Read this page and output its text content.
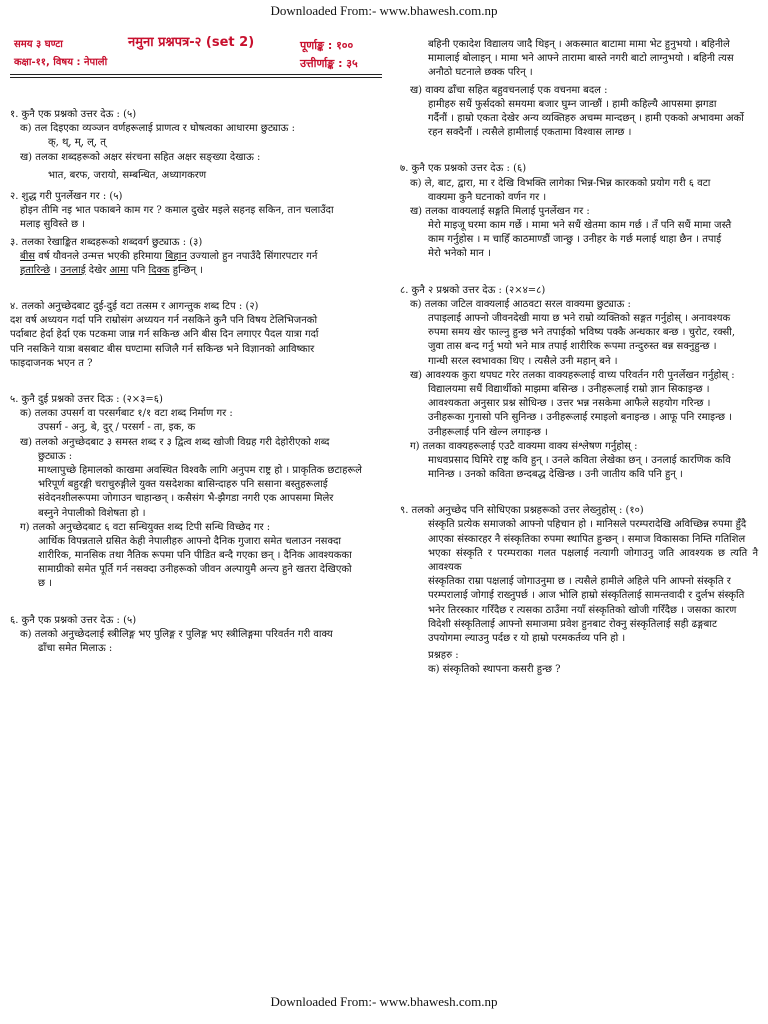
Downloaded From:- www.bhawesh.com.np
समय ३ घण्टा	नमुना प्रश्नपत्र-२ (set 2)	पूर्णाङ्क : १००
कक्षा-११, विषय : नेपाली	उत्तीर्णाङ्क : ३५

१. कुनै एक प्रश्नको उत्तर देऊ : (५)

क) तल दिइएका व्यञ्जन वर्णहरूलाई प्राणत्व र घोषत्वका आधारमा छुट्याऊ :

क्, थ्, म्, ल्, त्

ख) तलका शब्दहरूको अक्षर संरचना सहित अक्षर सङ्ख्या देखाऊ :

भात, बरफ, जरायो, सम्बन्धित, अध्यागकरण

२. शुद्ध गरी पुनर्लेखन गर : (५)

होइन तीमि नइ भात पकाबने काम गर ? कमाल दुखेर मइले सहनइ सकिन, तान चलाउँदा

मलाइ सुविस्ते छ ।

३. तलका रेखाङ्कित शब्दहरूको शब्दवर्ग छुट्याऊ : (३)

बीस वर्ष यौवनले उन्मत्त भएकी हरिमाया बिहान उज्यालो हुन नपाउँदै सिंगारपटार गर्न

हतारिन्छे । उनलाई देखेर आमा पनि दिक्क हुन्छिन् ।

४. तलको अनुच्छेदबाट दुई-दुई वटा तत्सम र आगन्तुक शब्द टिप : (२)

दश वर्ष अध्ययन गर्दा पनि राम्रोसंग अध्ययन गर्न नसकिने कुनै पनि विषय टेलिभिजनको

पर्दाबाट हेर्दा हेर्दा एक पटकमा जान्न गर्न सकिन्छ अनि बीस दिन लगाएर पैदल यात्रा गर्दा

पनि नसकिने यात्रा बसबाट बीस घण्टामा सजिलै गर्न सकिन्छ भने विज्ञानको आविष्कार

फाइदाजनक भएन त ?

५. कुनै दुई प्रश्नको उत्तर दिऊ : (२×३=६)

क) तलका उपसर्ग वा परसर्गबाट १/१ वटा शब्द निर्माण गर :

उपसर्ग - अनु, बे, दुर् / परसर्ग - ता, इक, क

ख) तलको अनुच्छेदबाट ३ समस्त शब्द र ३ द्वित्व शब्द खोजी विग्रह गरी देहोरीएको शब्द

छुट्याऊ :

माथ्लापुच्छे हिमालको काखमा अवस्थित विश्वकै लागि अनुपम राष्ट्र हो । प्राकृतिक छटाहरूले

भरिपूर्ण बहुरङ्गी चराचुरुङ्गीले युक्त यसदेशका बासिन्दाहरु पनि ससाना बस्तुहरूलाई

संवेदनशीलरूपमा जोगाउन चाहान्छन् । कसैसंग भै-झैगडा नगरी एक आपसमा मिलेर

बस्नुने नेपालीको विशेषता हो ।

ग) तलको अनुच्छेदबाट ६ वटा सन्धियुक्त शब्द टिपी सन्धि विच्छेद गर :

आर्थिक विपन्नताले ग्रसित केही नेपालीहरु आफ्नो दैनिक गुजारा समेत चलाउन नसक्दा

शारीरिक, मानसिक तथा नैतिक रूपमा पनि पीडित बन्दै गएका छन् । दैनिक आवश्यकका

सामाग्रीको समेत पूर्ति गर्न नसक्दा उनीहरूको जीवन अल्पायुमै अन्त्य हुने खतरा देखिएको

छ ।

६. कुनै एक प्रश्नको उत्तर देऊ : (५)

क) तलको अनुच्छेदलाई स्त्रीलिङ्ग भए पुलिङ्ग र पुलिङ्ग भए स्त्रीलिङ्गमा परिवर्तन गरी वाक्य

ढाँचा समेत मिलाऊ :

बहिनी एकादेश विद्यालय जादै थिइन् । अकस्मात बाटामा मामा भेट हुनुभयो । बहिनीले

मामालाई बोलाइन् । मामा भने आफ्ने तारामा बास्ते नगरी बाटो लाग्नुभयो । बहिनी त्यस

अनौठो घटनाले छक्क परिन् ।

ख) वाक्य ढाँचा सहित बहुवचनलाई एक वचनमा बदल :

हामीहरु सधैं फुर्सदको समयमा बजार घुम्न जान्छौं । हामी कहिल्यै आपसमा झगडा

गर्दैनौं । हाम्रो एकता देखेर अन्य व्यक्तिहरु अचम्म मान्दछन् । हामी एकको अभावमा अर्को

रहन सक्दैनौं । त्यसैले हामीलाई एकतामा विश्वास लाग्छ ।

७. कुनै एक प्रश्नको उत्तर देऊ : (६)

क) ले, बाट, द्वारा, मा र देखि विभक्ति लागेका भिन्न-भिन्न कारकको प्रयोग गरी ६ वटा

वाक्यमा कुनै घटनाको वर्णन गर ।

ख) तलका वाक्यलाई सङ्गति मिलाई पुनर्लेखन गर :

मेरो माइजू घरमा काम गर्छे । मामा भने सधैं खेतमा काम गर्छ । तँ पनि सधैं मामा जस्तै

काम गर्नुहोस । म चाहिँ काठमाण्डौं जान्छु । उनीहर के गर्छ मलाई थाहा छैन । तपाई

मेरो भनेको मान ।

८. कुनै २ प्रश्नको उत्तर देऊ : (२×४=८)

क) तलका जटिल वाक्यलाई आठवटा सरल वाक्यमा छुट्याऊ :

तपाइलाई आफ्नो जीवनदेखी माया छ भने राम्रो व्यक्तिको सङ्गत गर्नुहोस् । अनावश्यक

रुपमा समय खेर फाल्नु हुन्छ भने तपाईको भविष्य पक्कै अन्धकार बन्छ । चुरोट, रक्सी,

जुवा तास बन्द गर्नु भयो भने मात्र तपाई शारीरिक रूपमा तन्दुरुस्त बन्न सक्नुहुन्छ ।

गान्धी सरल स्वभावका थिए । त्यसैले उनी महान् बने ।

ख) आवश्यक कुरा थपघट गरेर तलका वाक्यहरूलाई वाच्य परिवर्तन गरी पुनर्लेखन गर्नुहोस् :

विद्यालयमा सधैं विद्यार्थीको माझमा बसिन्छ । उनीहरूलाई राम्रो ज्ञान सिकाइन्छ ।

आवश्यकता अनुसार प्रश्न सोधिन्छ । उत्तर भन्न नसकेमा आफैले सहयोग गरिन्छ ।

उनीहरूका गुनासो पनि सुनिन्छ । उनीहरूलाई रमाइलो बनाइन्छ । आफू पनि रमाइन्छ ।

उनीहरूलाई पनि खेल्न लगाइन्छ ।

ग) तलका वाक्यहरूलाई एउटै वाक्यमा वाक्य संश्लेषण गर्नुहोस् :

माधवप्रसाद घिमिरे राष्ट्र कवि हुन् । उनले कविता लेखेका छन् । उनलाई कारणिक कवि

मानिन्छ । उनको कविता छन्दबद्ध देखिन्छ । उनी जातीय कवि पनि हुन् ।

९. तलको अनुच्छेद पनि सोधिएका प्रश्नहरूको उत्तर लेख्नुहोस् : (१०)

संस्कृति प्रत्येक समाजको आफ्नो पहिचान हो । मानिसले परम्परादेखि अविच्छिन्न रुपमा हुँदै

आएका संस्कारहर नै संस्कृतिका रुपमा स्थापित हुन्छन् । समाज विकासका निम्ति गतिशिल

भएका संस्कृति र परम्पराका गलत पक्षलाई नत्यागी जोगाउनु जति आवश्यक छ त्यति नै आवश्यक

संस्कृतिका राम्रा पक्षलाई जोगाउनुमा छ । त्यसैले हामीले अहिले पनि आफ्नो संस्कृति र

परम्परालाई जोगाई राख्नुपर्छ । आज भोलि हाम्रो संस्कृतिलाई सामन्तवादी र दुर्लभ संस्कृति

भनेर तिरस्कार गरिँदैछ र त्यसका ठाउँमा नयाँ संस्कृतिको खोजी गरिँदैछ । जसका कारण

विदेशी संस्कृतिलाई आफ्नो समाजमा प्रवेश हुनबाट रोक्नु संस्कृतिलाई सही ढङ्गबाट

उपयोगमा ल्याउनु पर्दछ र यो हाम्रो परमकर्तव्य पनि हो ।

प्रश्नहरु :

क) संस्कृतिको स्थापना कसरी हुन्छ ?

Downloaded From:- www.bhawesh.com.np
